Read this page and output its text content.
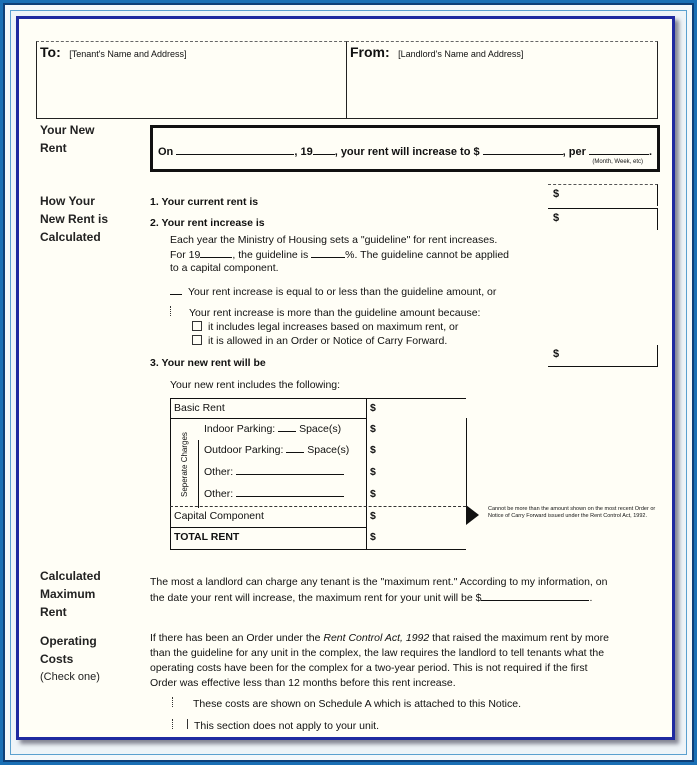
To: [Tenant's Name and Address]	From: [Landlord's Name and Address]
Your New
Rent	On	, 19 , your rent will increase to $	, per	.
(Month, Week, etc)
How Your
New Rent is
Calculated
1. Your current rent is
$
2. Your rent increase is	$
Each year the Ministry of Housing sets a "guideline" for rent increases.
For 19	, the guideline is	%. The guideline cannot be applied
to a capital component.
Your rent increase is equal to or less than the guideline amount, or
Your rent increase is more than the guideline amount because:
it includes legal increases based on maximum rent, or
it is allowed in an Order or Notice of Carry Forward.
3. Your new rent will be
$
Your new rent includes the following:
Basic Rent	$
Seperate Charges
Indoor Parking: Space(s)	$
Outdoor Parking: Space(s) $
Other:	$
Other:	$
Capital Component	$
TOTAL RENT	$
Cannot be more than the amount shown on the most recent Order or Notice of Carry Forward issued under the Rent Control Act, 1992.
Calculated
Maximum
Rent
The most a landlord can charge any tenant is the "maximum rent." According to my information, on
the date your rent will increase, the maximum rent for your unit will be $	.
Operating
Costs
(Check one)
If there has been an Order under the Rent Control Act, 1992 that raised the maximum rent by more
than the guideline for any unit in the complex, the law requires the landlord to tell tenants what the
operating costs have been for the complex for a two-year period. This is not required if the first
Order was effective less than 12 months before this rent increase.
These costs are shown on Schedule A which is attached to this Notice.
This section does not apply to your unit.
